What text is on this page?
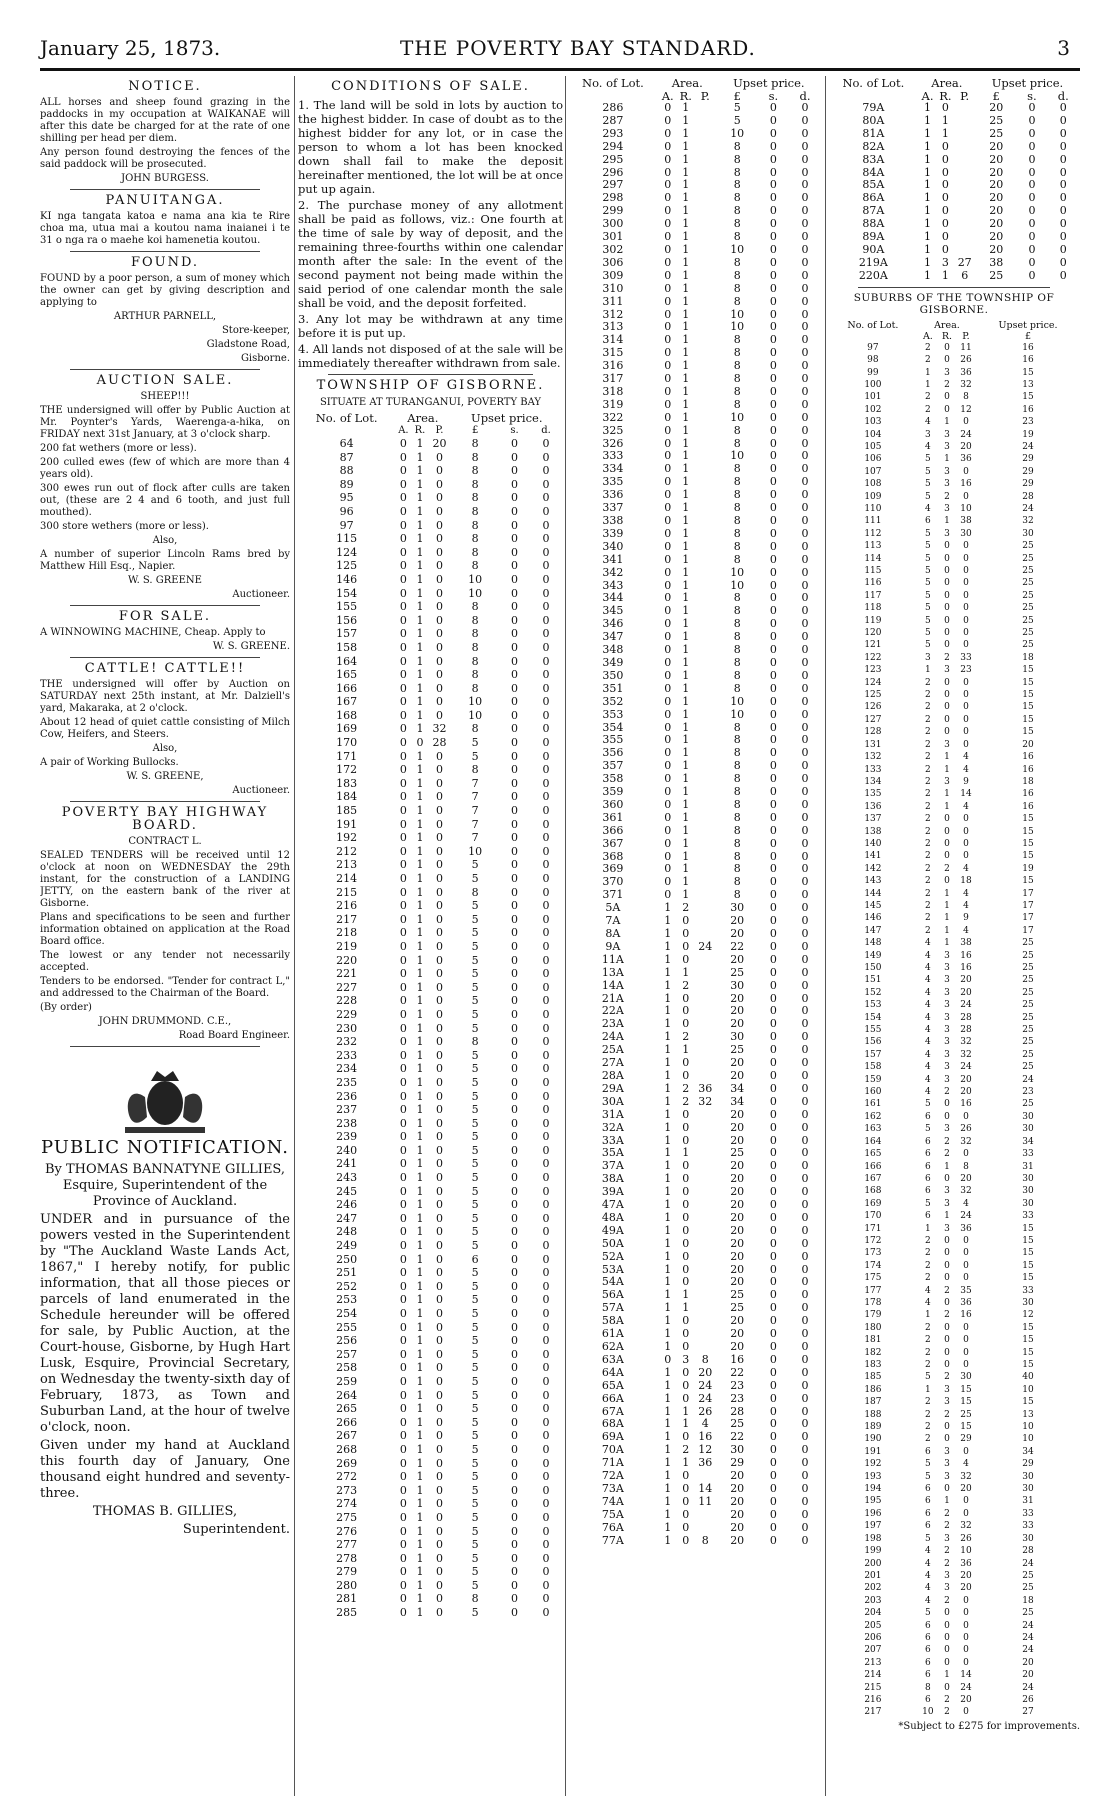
January 25, 1873.	THE POVERTY BAY STANDARD.	3
NOTICE.

ALL horses and sheep found grazing in the paddocks in my occupation at WAIKANAE will after this date be charged for at the rate of one shilling per head per diem.

Any person found destroying the fences of the said paddock will be prosecuted.

JOHN BURGESS.

PANUITANGA.

KI nga tangata katoa e nama ana kia te Rire choa ma, utua mai a koutou nama inaianei i te 31 o nga ra o maehe koi hamenetia koutou.

FOUND.

FOUND by a poor person, a sum of money which the owner can get by giving description and applying to

ARTHUR PARNELL,

Store-keeper,

Gladstone Road,

Gisborne.

AUCTION SALE.

SHEEP!!!

THE undersigned will offer by Public Auction at Mr. Poynter's Yards, Waerenga-a-hika, on FRIDAY next 31st January, at 3 o'clock sharp.

200 fat wethers (more or less).

200 culled ewes (few of which are more than 4 years old).

300 ewes run out of flock after culls are taken out, (these are 2 4 and 6 tooth, and just full mouthed).

300 store wethers (more or less).

Also,

A number of superior Lincoln Rams bred by Matthew Hill Esq., Napier.

W. S. GREENE

Auctioneer.

FOR SALE.

A WINNOWING MACHINE, Cheap. Apply to

W. S. GREENE.

CATTLE! CATTLE!!

THE undersigned will offer by Auction on SATURDAY next 25th instant, at Mr. Dalziell's yard, Makaraka, at 2 o'clock.

About 12 head of quiet cattle consisting of Milch Cow, Heifers, and Steers.

Also,

A pair of Working Bullocks.

W. S. GREENE,

Auctioneer.

POVERTY BAY HIGHWAY BOARD.

CONTRACT L.

SEALED TENDERS will be received until 12 o'clock at noon on WEDNESDAY the 29th instant, for the construction of a LANDING JETTY, on the eastern bank of the river at Gisborne.

Plans and specifications to be seen and further information obtained on application at the Road Board office.

The lowest or any tender not necessarily accepted.

Tenders to be endorsed. "Tender for contract L," and addressed to the Chairman of the Board.

(By order)

JOHN DRUMMOND. C.E.,

Road Board Engineer.

PUBLIC NOTIFICATION.

By THOMAS BANNATYNE GILLIES, Esquire, Superintendent of the Province of Auckland.

UNDER and in pursuance of the powers vested in the Superintendent by "The Auckland Waste Lands Act, 1867," I hereby notify, for public information, that all those pieces or parcels of land enumerated in the Schedule hereunder will be offered for sale, by Public Auction, at the Court-house, Gisborne, by Hugh Hart Lusk, Esquire, Provincial Secretary, on Wednesday the twenty-sixth day of February, 1873, as Town and Suburban Land, at the hour of twelve o'clock, noon.

Given under my hand at Auckland this fourth day of January, One thousand eight hundred and seventy-three.

THOMAS B. GILLIES,

Superintendent.

CONDITIONS OF SALE.

1. The land will be sold in lots by auction to the highest bidder. In case of doubt as to the highest bidder for any lot, or in case the person to whom a lot has been knocked down shall fail to make the deposit hereinafter mentioned, the lot will be at once put up again.

2. The purchase money of any allotment shall be paid as follows, viz.: One fourth at the time of sale by way of deposit, and the remaining three-fourths within one calendar month after the sale: In the event of the second payment not being made within the said period of one calendar month the sale shall be void, and the deposit forfeited.

3. Any lot may be withdrawn at any time before it is put up.

4. All lands not disposed of at the sale will be immediately thereafter withdrawn from sale.

TOWNSHIP OF GISBORNE.

SITUATE AT TURANGANUI, POVERTY BAY

No. of Lot.	Area.			Upset price.		
	A.	R.	P.	£	s.	d.
64	0	1	20	8	0	0
87	0	1	0	8	0	0
88	0	1	0	8	0	0
89	0	1	0	8	0	0
95	0	1	0	8	0	0
96	0	1	0	8	0	0
97	0	1	0	8	0	0
115	0	1	0	8	0	0
124	0	1	0	8	0	0
125	0	1	0	8	0	0
146	0	1	0	10	0	0
154	0	1	0	10	0	0
155	0	1	0	8	0	0
156	0	1	0	8	0	0
157	0	1	0	8	0	0
158	0	1	0	8	0	0
164	0	1	0	8	0	0
165	0	1	0	8	0	0
166	0	1	0	8	0	0
167	0	1	0	10	0	0
168	0	1	0	10	0	0
169	0	1	32	8	0	0
170	0	0	28	5	0	0
171	0	1	0	5	0	0
172	0	1	0	8	0	0
183	0	1	0	7	0	0
184	0	1	0	7	0	0
185	0	1	0	7	0	0
191	0	1	0	7	0	0
192	0	1	0	7	0	0
212	0	1	0	10	0	0
213	0	1	0	5	0	0
214	0	1	0	5	0	0
215	0	1	0	8	0	0
216	0	1	0	5	0	0
217	0	1	0	5	0	0
218	0	1	0	5	0	0
219	0	1	0	5	0	0
220	0	1	0	5	0	0
221	0	1	0	5	0	0
227	0	1	0	5	0	0
228	0	1	0	5	0	0
229	0	1	0	5	0	0
230	0	1	0	5	0	0
232	0	1	0	8	0	0
233	0	1	0	5	0	0
234	0	1	0	5	0	0
235	0	1	0	5	0	0
236	0	1	0	5	0	0
237	0	1	0	5	0	0
238	0	1	0	5	0	0
239	0	1	0	5	0	0
240	0	1	0	5	0	0
241	0	1	0	5	0	0
243	0	1	0	5	0	0
245	0	1	0	5	0	0
246	0	1	0	5	0	0
247	0	1	0	5	0	0
248	0	1	0	5	0	0
249	0	1	0	5	0	0
250	0	1	0	6	0	0
251	0	1	0	5	0	0
252	0	1	0	5	0	0
253	0	1	0	5	0	0
254	0	1	0	5	0	0
255	0	1	0	5	0	0
256	0	1	0	5	0	0
257	0	1	0	5	0	0
258	0	1	0	5	0	0
259	0	1	0	5	0	0
264	0	1	0	5	0	0
265	0	1	0	5	0	0
266	0	1	0	5	0	0
267	0	1	0	5	0	0
268	0	1	0	5	0	0
269	0	1	0	5	0	0
272	0	1	0	5	0	0
273	0	1	0	5	0	0
274	0	1	0	5	0	0
275	0	1	0	5	0	0
276	0	1	0	5	0	0
277	0	1	0	5	0	0
278	0	1	0	5	0	0
279	0	1	0	5	0	0
280	0	1	0	5	0	0
281	0	1	0	8	0	0
285	0	1	0	5	0	0
No. of Lot.	Area.			Upset price.		
	A.	R.	P.	£	s.	d.
286	0	1		5	0	0
287	0	1		5	0	0
293	0	1		10	0	0
294	0	1		8	0	0
295	0	1		8	0	0
296	0	1		8	0	0
297	0	1		8	0	0
298	0	1		8	0	0
299	0	1		8	0	0
300	0	1		8	0	0
301	0	1		8	0	0
302	0	1		10	0	0
306	0	1		8	0	0
309	0	1		8	0	0
310	0	1		8	0	0
311	0	1		8	0	0
312	0	1		10	0	0
313	0	1		10	0	0
314	0	1		8	0	0
315	0	1		8	0	0
316	0	1		8	0	0
317	0	1		8	0	0
318	0	1		8	0	0
319	0	1		8	0	0
322	0	1		10	0	0
325	0	1		8	0	0
326	0	1		8	0	0
333	0	1		10	0	0
334	0	1		8	0	0
335	0	1		8	0	0
336	0	1		8	0	0
337	0	1		8	0	0
338	0	1		8	0	0
339	0	1		8	0	0
340	0	1		8	0	0
341	0	1		8	0	0
342	0	1		10	0	0
343	0	1		10	0	0
344	0	1		8	0	0
345	0	1		8	0	0
346	0	1		8	0	0
347	0	1		8	0	0
348	0	1		8	0	0
349	0	1		8	0	0
350	0	1		8	0	0
351	0	1		8	0	0
352	0	1		10	0	0
353	0	1		10	0	0
354	0	1		8	0	0
355	0	1		8	0	0
356	0	1		8	0	0
357	0	1		8	0	0
358	0	1		8	0	0
359	0	1		8	0	0
360	0	1		8	0	0
361	0	1		8	0	0
366	0	1		8	0	0
367	0	1		8	0	0
368	0	1		8	0	0
369	0	1		8	0	0
370	0	1		8	0	0
371	0	1		8	0	0
5A	1	2		30	0	0
7A	1	0		20	0	0
8A	1	0		20	0	0
9A	1	0	24	22	0	0
11A	1	0		20	0	0
13A	1	1		25	0	0
14A	1	2		30	0	0
21A	1	0		20	0	0
22A	1	0		20	0	0
23A	1	0		20	0	0
24A	1	2		30	0	0
25A	1	1		25	0	0
27A	1	0		20	0	0
28A	1	0		20	0	0
29A	1	2	36	34	0	0
30A	1	2	32	34	0	0
31A	1	0		20	0	0
32A	1	0		20	0	0
33A	1	0		20	0	0
35A	1	1		25	0	0
37A	1	0		20	0	0
38A	1	0		20	0	0
39A	1	0		20	0	0
47A	1	0		20	0	0
48A	1	0		20	0	0
49A	1	0		20	0	0
50A	1	0		20	0	0
52A	1	0		20	0	0
53A	1	0		20	0	0
54A	1	0		20	0	0
56A	1	1		25	0	0
57A	1	1		25	0	0
58A	1	0		20	0	0
61A	1	0		20	0	0
62A	1	0		20	0	0
63A	0	3	8	16	0	0
64A	1	0	20	22	0	0
65A	1	0	24	23	0	0
66A	1	0	24	23	0	0
67A	1	1	26	28	0	0
68A	1	1	4	25	0	0
69A	1	0	16	22	0	0
70A	1	2	12	30	0	0
71A	1	1	36	29	0	0
72A	1	0		20	0	0
73A	1	0	14	20	0	0
74A	1	0	11	20	0	0
75A	1	0		20	0	0
76A	1	0		20	0	0
77A	1	0	8	20	0	0
No. of Lot.	Area.			Upset price.		
	A.	R.	P.	£	s.	d.
79A	1	0		20	0	0
80A	1	1		25	0	0
81A	1	1		25	0	0
82A	1	0		20	0	0
83A	1	0		20	0	0
84A	1	0		20	0	0
85A	1	0		20	0	0
86A	1	0		20	0	0
87A	1	0		20	0	0
88A	1	0		20	0	0
89A	1	0		20	0	0
90A	1	0		20	0	0
219A	1	3	27	38	0	0
220A	1	1	6	25	0	0
SUBURBS OF THE TOWNSHIP OF GISBORNE.
No. of Lot.	Area.			Upset price.
	A.	R.	P.	£
97	2	0	11	16
98	2	0	26	16
99	1	3	36	15
100	1	2	32	13
101	2	0	8	15
102	2	0	12	16
103	4	1	0	23
104	3	3	24	19
105	4	3	20	24
106	5	1	36	29
107	5	3	0	29
108	5	3	16	29
109	5	2	0	28
110	4	3	10	24
111	6	1	38	32
112	5	3	30	30
113	5	0	0	25
114	5	0	0	25
115	5	0	0	25
116	5	0	0	25
117	5	0	0	25
118	5	0	0	25
119	5	0	0	25
120	5	0	0	25
121	5	0	0	25
122	3	2	33	18
123	1	3	23	15
124	2	0	0	15
125	2	0	0	15
126	2	0	0	15
127	2	0	0	15
128	2	0	0	15
131	2	3	0	20
132	2	1	4	16
133	2	1	4	16
134	2	3	9	18
135	2	1	14	16
136	2	1	4	16
137	2	0	0	15
138	2	0	0	15
140	2	0	0	15
141	2	0	0	15
142	2	2	4	19
143	2	0	18	15
144	2	1	4	17
145	2	1	4	17
146	2	1	9	17
147	2	1	4	17
148	4	1	38	25
149	4	3	16	25
150	4	3	16	25
151	4	3	20	25
152	4	3	20	25
153	4	3	24	25
154	4	3	28	25
155	4	3	28	25
156	4	3	32	25
157	4	3	32	25
158	4	3	24	25
159	4	3	20	24
160	4	2	20	23
161	5	0	16	25
162	6	0	0	30
163	5	3	26	30
164	6	2	32	34
165	6	2	0	33
166	6	1	8	31
167	6	0	20	30
168	6	3	32	30
169	5	3	4	30
170	6	1	24	33
171	1	3	36	15
172	2	0	0	15
173	2	0	0	15
174	2	0	0	15
175	2	0	0	15
177	4	2	35	33
178	4	0	36	30
179	1	2	16	12
180	2	0	0	15
181	2	0	0	15
182	2	0	0	15
183	2	0	0	15
185	5	2	30	40
186	1	3	15	10
187	2	3	15	15
188	2	2	25	13
189	2	0	15	10
190	2	0	29	10
191	6	3	0	34
192	5	3	4	29
193	5	3	32	30
194	6	0	20	30
195	6	1	0	31
196	6	2	0	33
197	6	2	32	33
198	5	3	26	30
199	4	2	10	28
200	4	2	36	24
201	4	3	20	25
202	4	3	20	25
203	4	2	0	18
204	5	0	0	25
205	6	0	0	24
206	6	0	0	24
207	6	0	0	24
213	6	0	0	20
214	6	1	14	20
215	8	0	24	24
216	6	2	20	26
217	10	2	0	27

*Subject to £275 for improvements.
